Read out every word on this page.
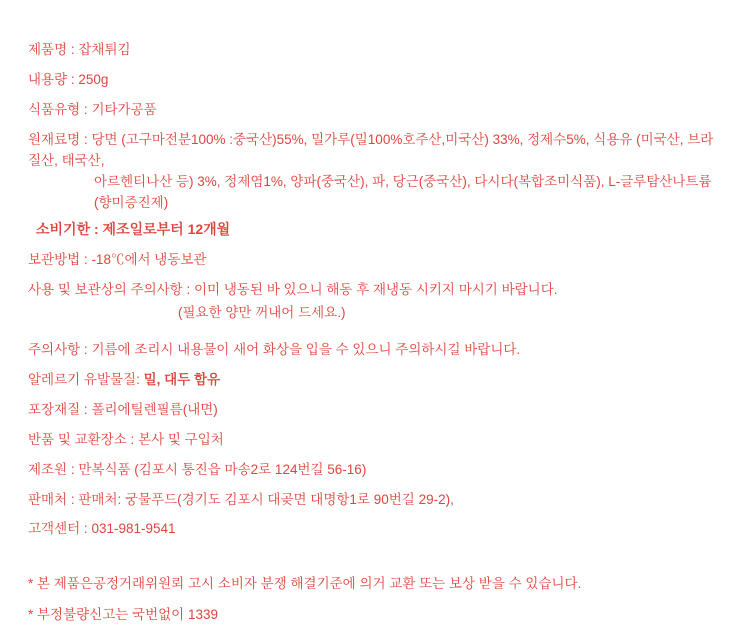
제품명 : 잡채튀김
내용량 : 250g
식품유형 : 기타가공품
원재료명 : 당면 (고구마전분100% :중국산)55%, 밀가루(밀100%호주산,미국산) 33%, 정제수5%, 식용유 (미국산, 브라질산, 태국산,
아르헨티나산 등) 3%, 정제염1%, 양파(중국산), 파, 당근(중국산), 다시다(복합조미식품), L-글루탐산나트륨 (향미증진제)
소비기한 : 제조일로부터 12개월
보관방법 : -18℃에서 냉동보관
사용 및 보관상의 주의사항 : 이미 냉동된 바 있으니 해동 후 재냉동 시키지 마시기 바랍니다.
(필요한 양만 꺼내어 드세요.)
주의사항 : 기름에 조리시 내용물이 새어 화상을 입을 수 있으니 주의하시길 바랍니다.
알레르기 유발물질: 밀, 대두 함유
포장재질 : 폴리에틸렌필름(내면)
반품 및 교환장소 : 본사 및 구입처
제조원 : 만복식품 (김포시 통진읍 마송2로 124번길 56-16)
판매처 : 판매처: 궁물푸드(경기도 김포시 대곶면 대명항1로 90번길 29-2),
고객센터 : 031-981-9541
* 본 제품은공정거래위원뢰 고시 소비자 분쟁 해결기준에 의거 교환 또는 보상 받을 수 있습니다.
* 부정불량신고는 국번없이 1339
